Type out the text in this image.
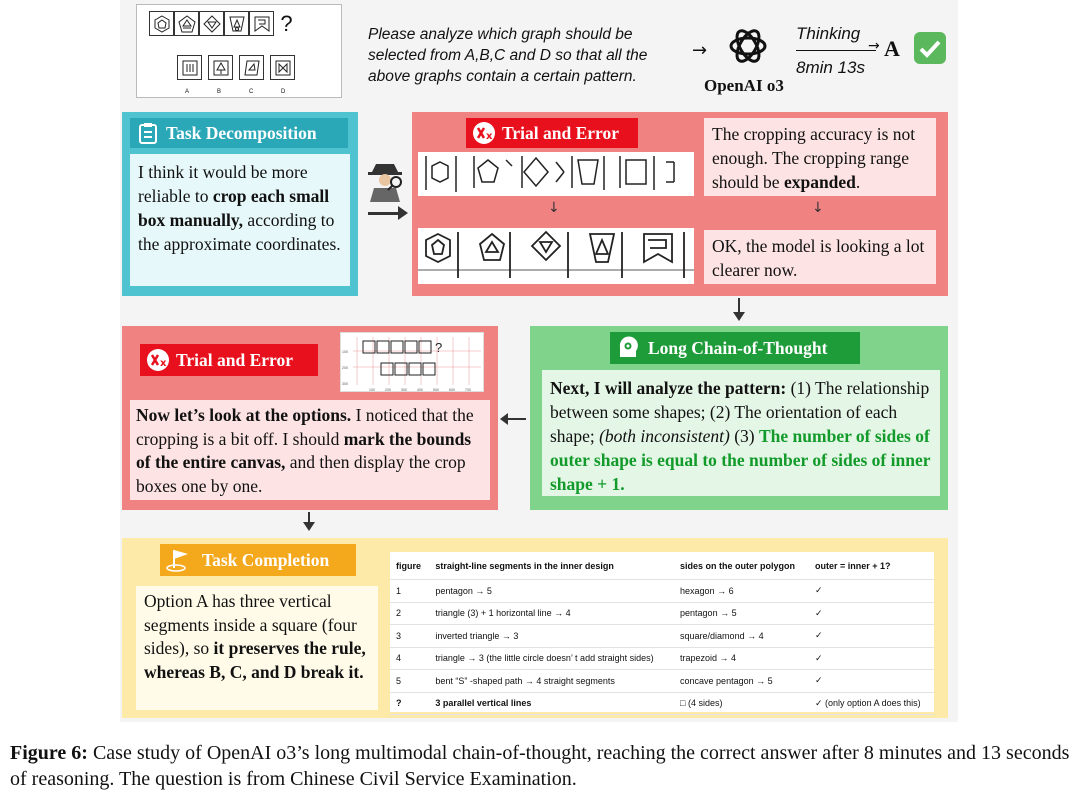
?
A	B	C	D
Please analyze which graph should be
selected from A,B,C and D so that all the
above graphs contain a certain pattern.
→
OpenAI o3
Thinking
→
8min 13s
A
Task Decomposition
I think it would be more reliable to crop each small box manually, according to the approximate coordinates.
x Trial and Error
↓
The cropping accuracy is not enough. The cropping range should be expanded.
↓
OK, the model is looking a lot clearer now.
Long Chain-of-Thought
Next, I will analyze the pattern: (1) The relationship between some shapes; (2) The orientation of each shape; (both inconsistent) (3) The number of sides of outer shape is equal to the number of sides of inner shape + 1.
x Trial and Error
?
100
200
300
100	200	300	400	500	600	700
Now let’s look at the options. I noticed that the cropping is a bit off. I should mark the bounds of the entire canvas, and then display the crop boxes one by one.
Task Completion
Option A has three vertical segments inside a square (four sides), so it preserves the rule, whereas B, C, and D break it.
figure	straight-line segments in the inner design	sides on the outer polygon	outer = inner + 1?
1	pentagon → 5	hexagon → 6	✓
2	triangle (3) + 1 horizontal line → 4	pentagon → 5	✓
3	inverted triangle → 3	square/diamond → 4	✓
4	triangle → 3 (the little circle doesn’ t add straight sides)	trapezoid → 4	✓
5	bent “S” -shaped path → 4 straight segments	concave pentagon → 5	✓
?	3 parallel vertical lines	□ (4 sides)	✓ (only option A does this)
Figure 6: Case study of OpenAI o3’s long multimodal chain-of-thought, reaching the correct answer after 8 minutes and 13 seconds of reasoning. The question is from Chinese Civil Service Examination.
